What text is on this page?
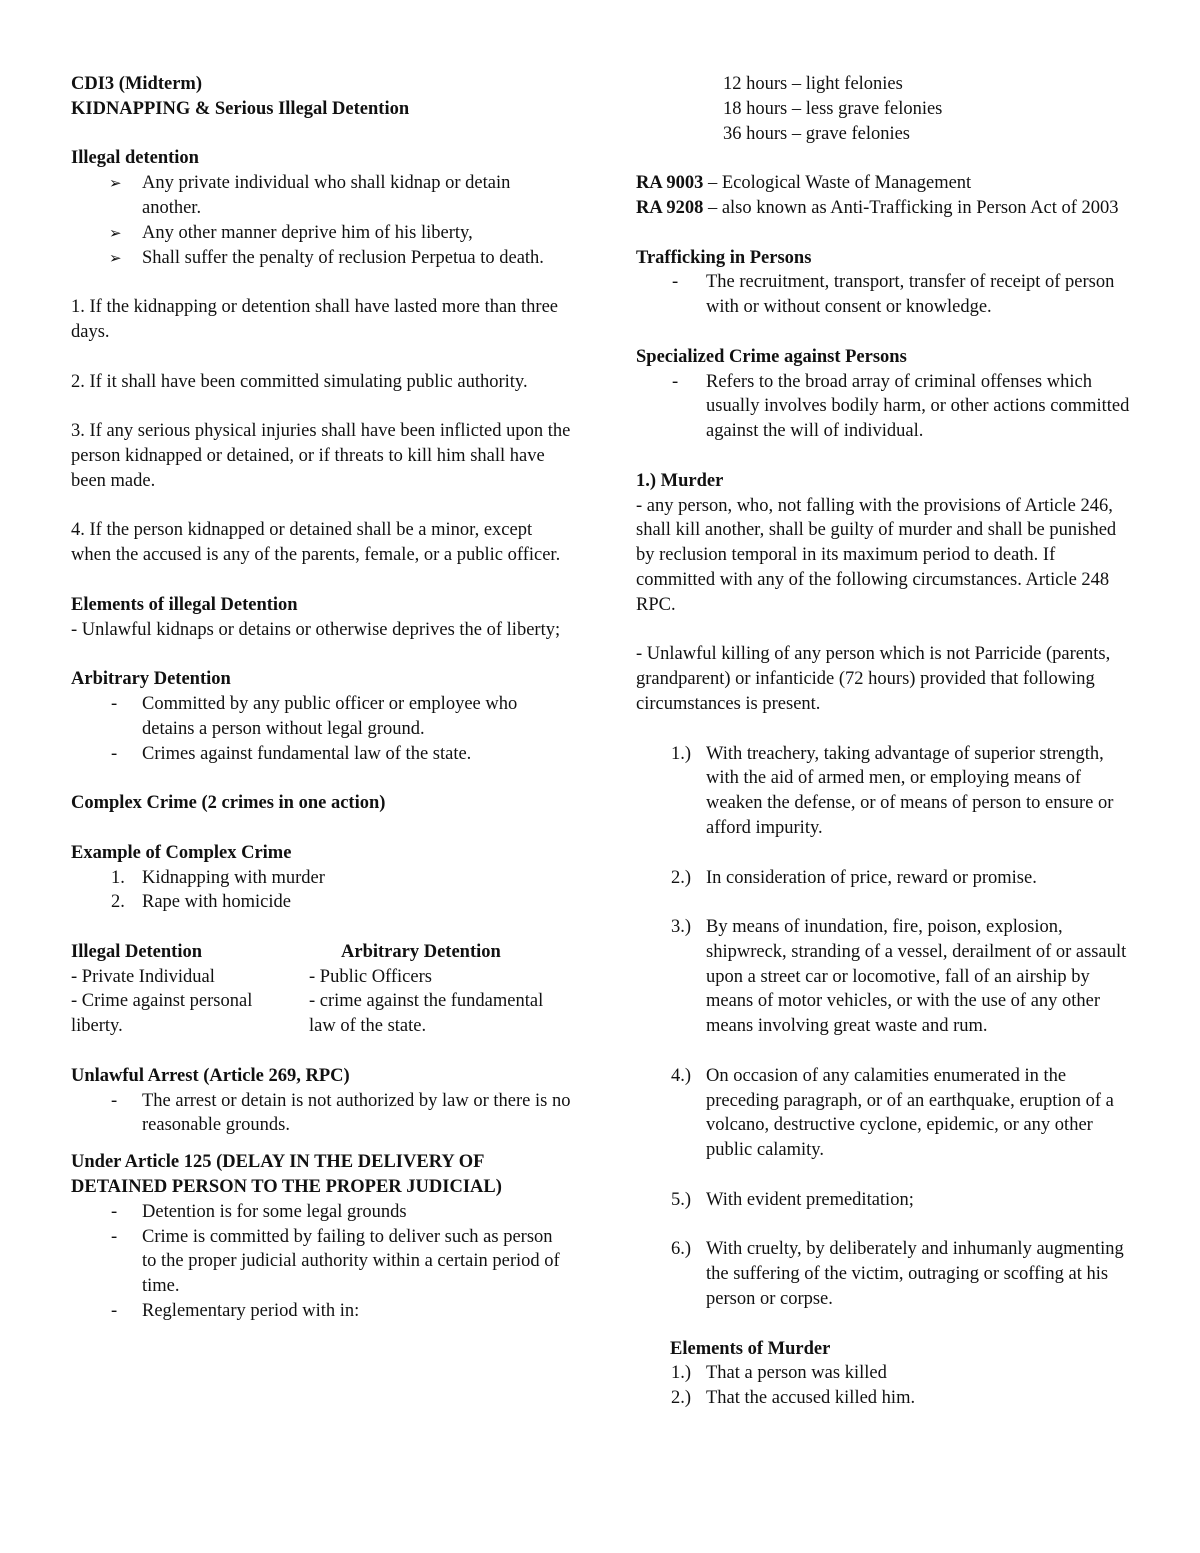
CDI3 (Midterm)

KIDNAPPING & Serious Illegal Detention

Illegal detention

➢ Any private individual who shall kidnap or detain another.
➢ Any other manner deprive him of his liberty,
➢ Shall suffer the penalty of reclusion Perpetua to death.

1. If the kidnapping or detention shall have lasted more than three days.

2. If it shall have been committed simulating public authority.

3. If any serious physical injuries shall have been inflicted upon the person kidnapped or detained, or if threats to kill him shall have been made.

4. If the person kidnapped or detained shall be a minor, except when the accused is any of the parents, female, or a public officer.

Elements of illegal Detention

- Unlawful kidnaps or detains or otherwise deprives the of liberty;

Arbitrary Detention

- Committed by any public officer or employee who detains a person without legal ground.
- Crimes against fundamental law of the state.

Complex Crime (2 crimes in one action)

Example of Complex Crime

1. Kidnapping with murder
2. Rape with homicide

Illegal Detention

- Private Individual

- Crime against personal liberty.

Arbitrary Detention

- Public Officers

- crime against the fundamental law of the state.

Unlawful Arrest (Article 269, RPC)

- The arrest or detain is not authorized by law or there is no reasonable grounds.

Under Article 125 (DELAY IN THE DELIVERY OF DETAINED PERSON TO THE PROPER JUDICIAL)

- Detention is for some legal grounds
- Crime is committed by failing to deliver such as person to the proper judicial authority within a certain period of time.
- Reglementary period with in:

12 hours – light felonies

18 hours – less grave felonies

36 hours – grave felonies

RA 9003 – Ecological Waste of Management

RA 9208 – also known as Anti-Trafficking in Person Act of 2003

Trafficking in Persons

- The recruitment, transport, transfer of receipt of person with or without consent or knowledge.

Specialized Crime against Persons

- Refers to the broad array of criminal offenses which usually involves bodily harm, or other actions committed against the will of individual.

1.) Murder

- any person, who, not falling with the provisions of Article 246, shall kill another, shall be guilty of murder and shall be punished by reclusion temporal in its maximum period to death. If committed with any of the following circumstances. Article 248 RPC.

- Unlawful killing of any person which is not Parricide (parents, grandparent) or infanticide (72 hours) provided that following circumstances is present.

1.) With treachery, taking advantage of superior strength, with the aid of armed men, or employing means of weaken the defense, or of means of person to ensure or afford impurity.
2.) In consideration of price, reward or promise.
3.) By means of inundation, fire, poison, explosion, shipwreck, stranding of a vessel, derailment of or assault upon a street car or locomotive, fall of an airship by means of motor vehicles, or with the use of any other means involving great waste and rum.
4.) On occasion of any calamities enumerated in the preceding paragraph, or of an earthquake, eruption of a volcano, destructive cyclone, epidemic, or any other public calamity.
5.) With evident premeditation;
6.) With cruelty, by deliberately and inhumanly augmenting the suffering of the victim, outraging or scoffing at his person or corpse.

Elements of Murder

1.) That a person was killed
2.) That the accused killed him.
